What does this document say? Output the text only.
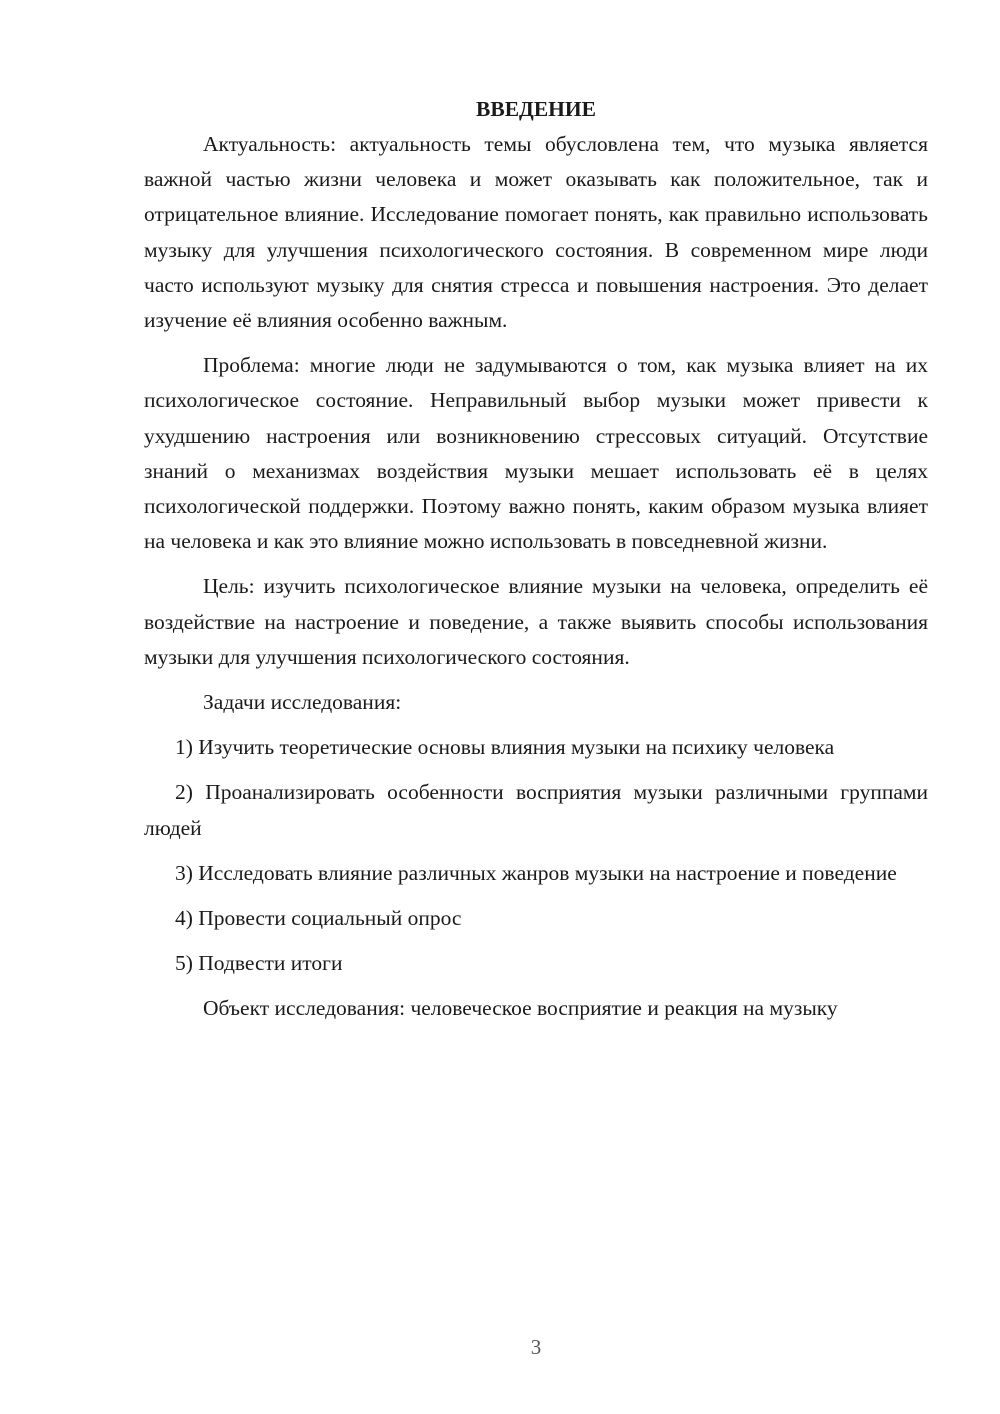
ВВЕДЕНИЕ

Актуальность: актуальность темы обусловлена тем, что музыка является важной частью жизни человека и может оказывать как положительное, так и отрицательное влияние. Исследование помогает понять, как правильно использовать музыку для улучшения психологического состояния. В современном мире люди часто используют музыку для снятия стресса и повышения настроения. Это делает изучение её влияния особенно важным.

Проблема: многие люди не задумываются о том, как музыка влияет на их психологическое состояние. Неправильный выбор музыки может привести к ухудшению настроения или возникновению стрессовых ситуаций. Отсутствие знаний о механизмах воздействия музыки мешает использовать её в целях психологической поддержки. Поэтому важно понять, каким образом музыка влияет на человека и как это влияние можно использовать в повседневной жизни.

Цель: изучить психологическое влияние музыки на человека, определить её воздействие на настроение и поведение, а также выявить способы использования музыки для улучшения психологического состояния.

Задачи исследования:

1) Изучить теоретические основы влияния музыки на психику человека

2) Проанализировать особенности восприятия музыки различными группами людей

3) Исследовать влияние различных жанров музыки на настроение и поведение

4) Провести социальный опрос

5) Подвести итоги

Объект исследования: человеческое восприятие и реакция на музыку

3
